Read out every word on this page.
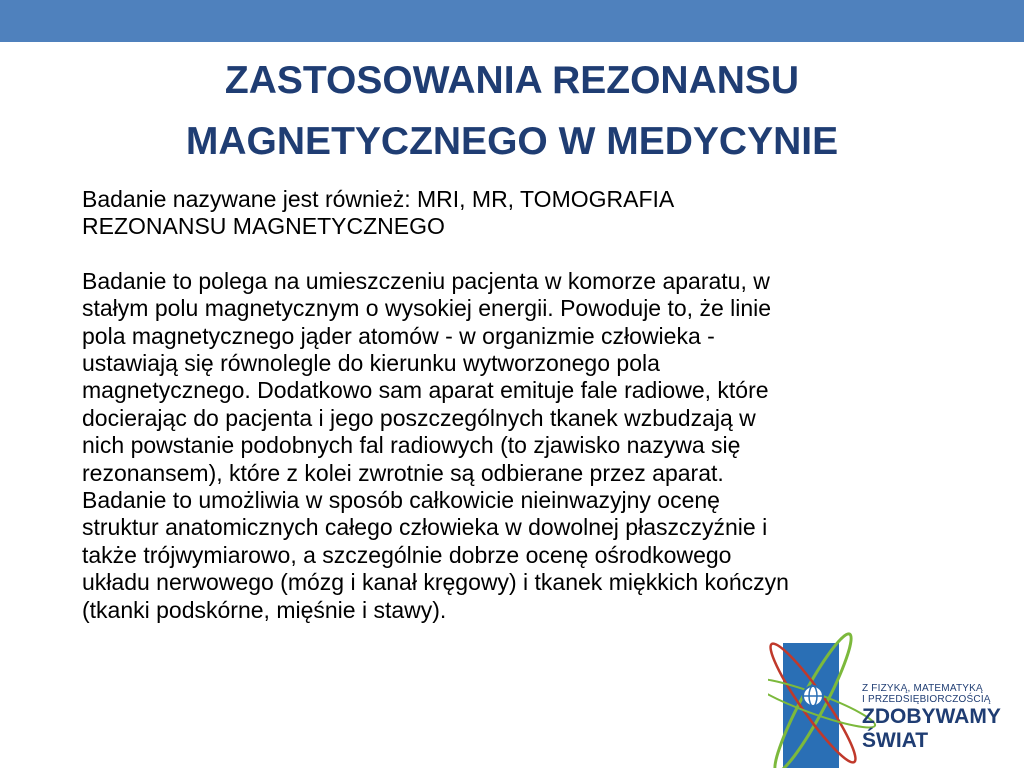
ZASTOSOWANIA REZONANSU
MAGNETYCZNEGO W MEDYCYNIE

Badanie nazywane jest również: MRI, MR, TOMOGRAFIA
REZONANSU MAGNETYCZNEGO

Badanie to polega na umieszczeniu pacjenta w komorze aparatu, w
stałym polu magnetycznym o wysokiej energii. Powoduje to, że linie
pola magnetycznego jąder atomów - w organizmie człowieka -
ustawiają się równolegle do kierunku wytworzonego pola
magnetycznego. Dodatkowo sam aparat emituje fale radiowe, które
docierając do pacjenta i jego poszczególnych tkanek wzbudzają w
nich powstanie podobnych fal radiowych (to zjawisko nazywa się
rezonansem), które z kolei zwrotnie są odbierane przez aparat.
Badanie to umożliwia w sposób całkowicie nieinwazyjny ocenę
struktur anatomicznych całego człowieka w dowolnej płaszczyźnie i
także trójwymiarowo, a szczególnie dobrze ocenę ośrodkowego
układu nerwowego (mózg i kanał kręgowy) i tkanek miękkich kończyn
(tkanki podskórne, mięśnie i stawy).

Z FIZYKĄ, MATEMATYKĄ
I PRZEDSIĘBIORCZOŚCIĄ
ZDOBYWAMY
ŚWIAT
